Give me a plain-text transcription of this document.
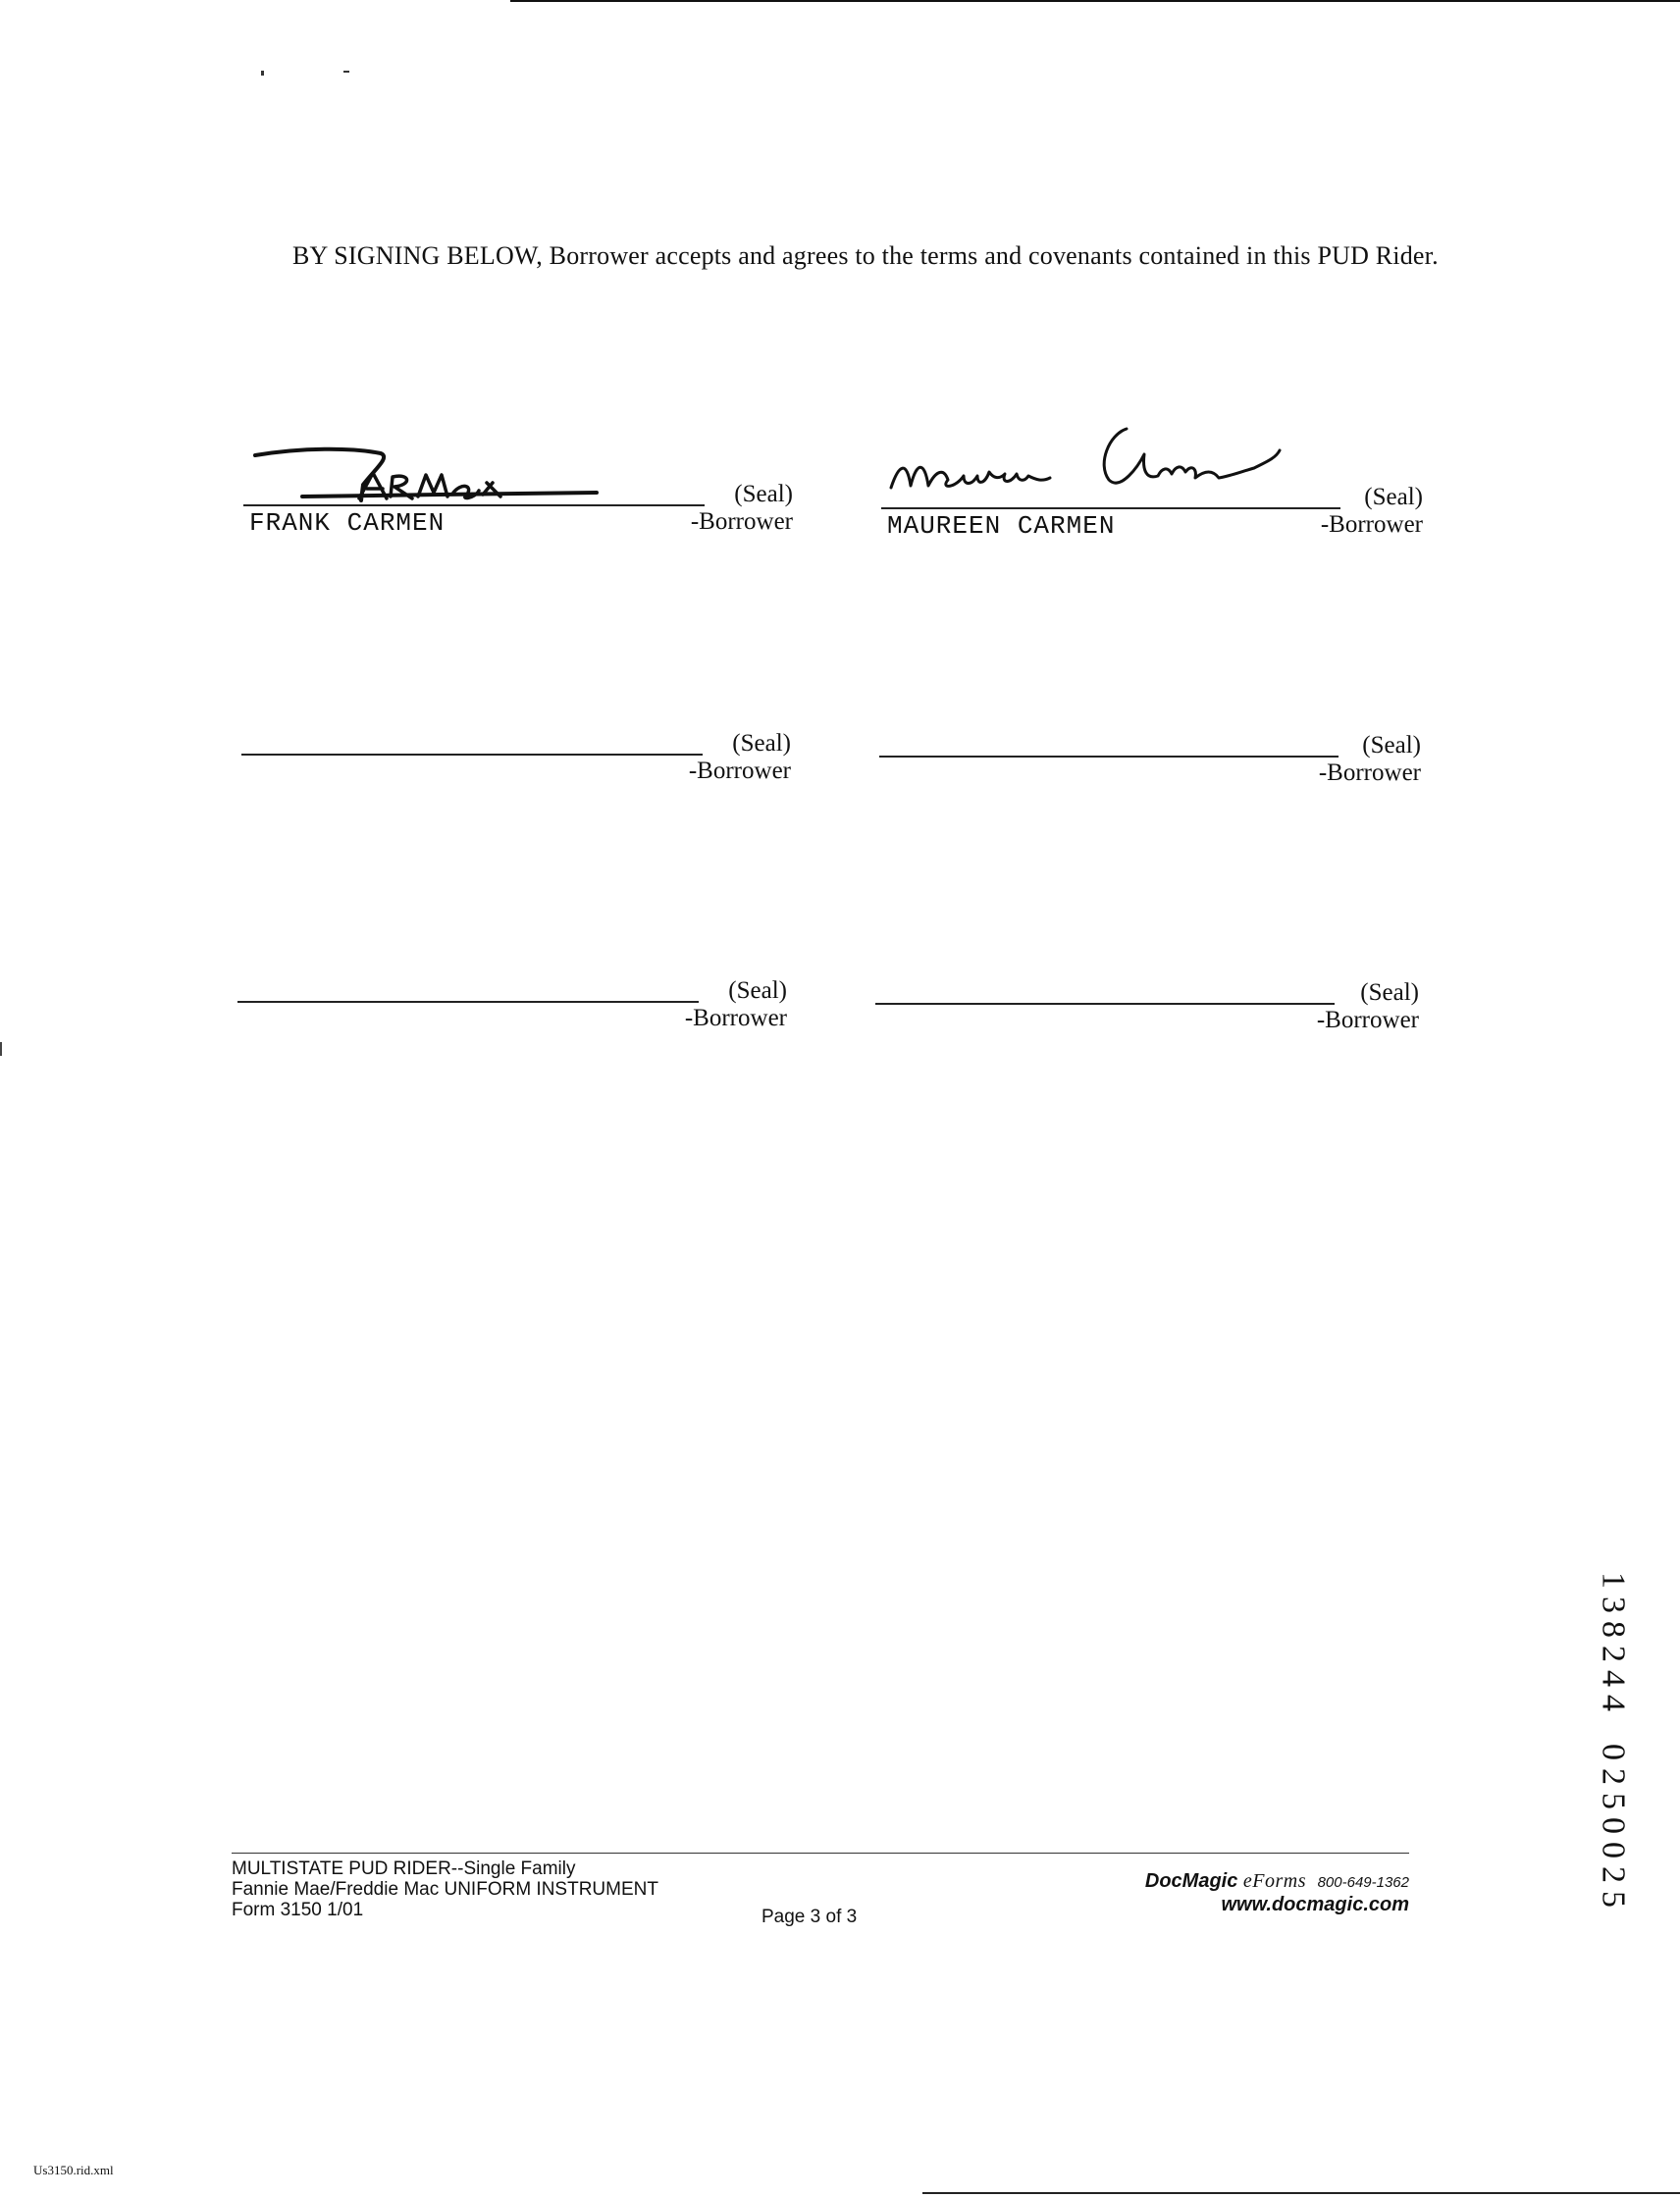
BY SIGNING BELOW, Borrower accepts and agrees to the terms and covenants contained in this PUD Rider.

(Seal)
FRANK CARMEN	-Borrower
(Seal)
MAUREEN CARMEN	-Borrower
(Seal)
-Borrower
(Seal)
-Borrower
(Seal)
-Borrower
(Seal)
-Borrower
1
3
8
2
4
4

0
2
5
0
0
2
5
MULTISTATE PUD RIDER--Single Family
Fannie Mae/Freddie Mac UNIFORM INSTRUMENT
Form 3150 1/01	Page 3 of 3
DocMagic eForms 800-649-1362
www.docmagic.com
Us3150.rid.xml
